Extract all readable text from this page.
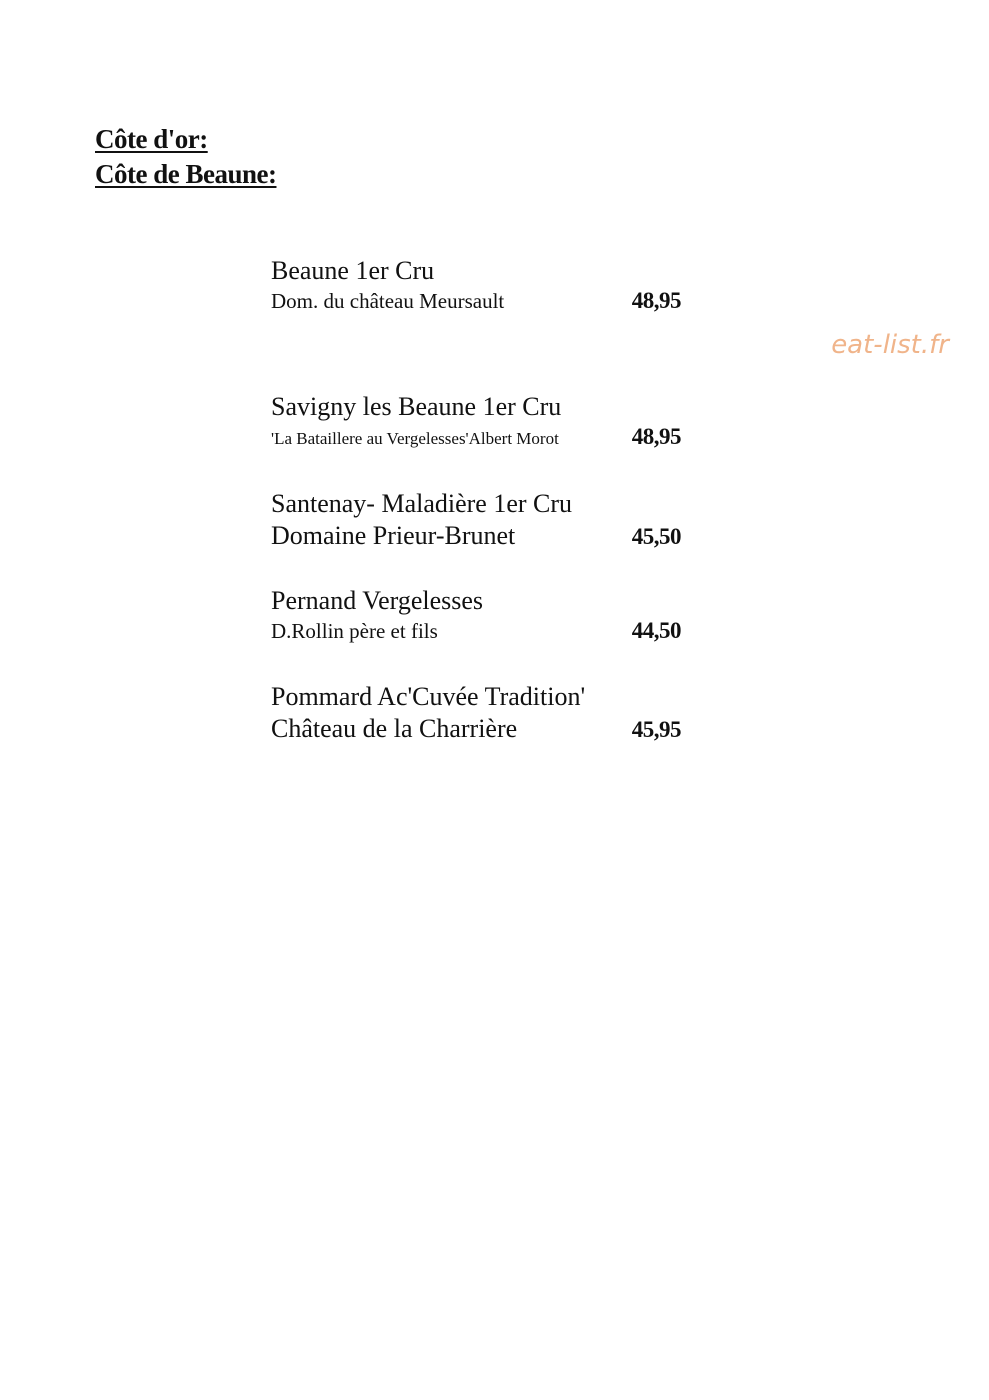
Côte d'or:
Côte de Beaune:
eat-list.fr
Beaune 1er Cru
Dom. du château Meursault	48,95
Savigny les Beaune 1er Cru
'La Bataillere au Vergelesses'Albert Morot	48,95
Santenay- Maladière 1er Cru
Domaine Prieur-Brunet	45,50
Pernand Vergelesses
D.Rollin père et fils	44,50
Pommard Ac'Cuvée Tradition'
Château de la Charrière	45,95
